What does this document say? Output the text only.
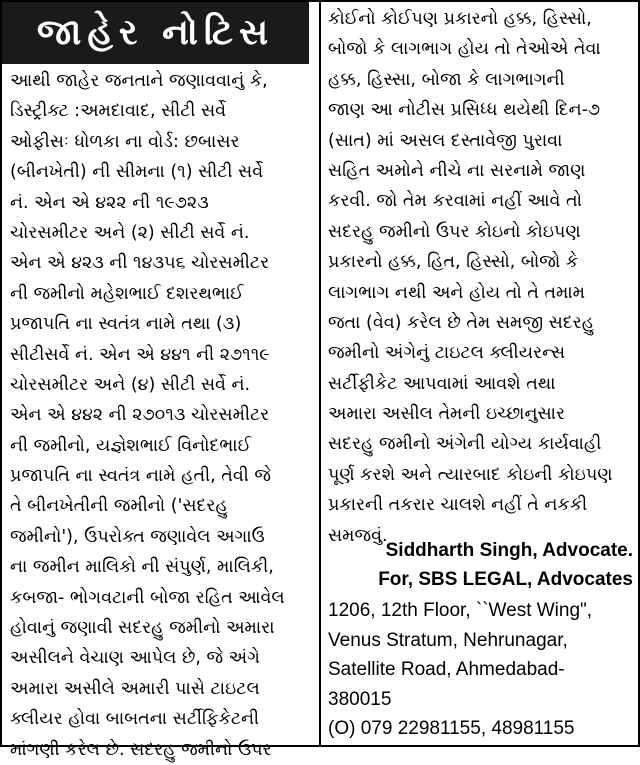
જાહેર નોટિસ
આથી જાહેર જનતાને જણાવવાનું કે,
ડિસ્ટ્રીક્ટ :અમદાવાદ, સીટી સર્વે
ઓફીસઃ ધોળકા ના વોર્ડ: છબાસર
(બીનખેતી) ની સીમના (૧) સીટી સર્વે
નં. એન એ ૪૨૨ ની ૧૯૭૨૩
ચોરસમીટર અને (૨) સીટી સર્વે નં.
એન એ ૪૨૩ ની ૧૪૩૫૬ ચોરસમીટર
ની જમીનો મહેશભાઈ દશરથભાઈ
પ્રજાપતિ ના સ્વતંત્ર નામે તથા (૩)
સીટીસર્વે નં. એન એ ૪૪૧ ની ૨૭૧૧૯
ચોરસમીટર અને (૪) સીટી સર્વે નં.
એન એ ૪૪૨ ની ૨૭૦૧૩ ચોરસમીટર
ની જમીનો, યજ્ઞેશભાઈ વિનોદભાઈ
પ્રજાપતિ ના સ્વતંત્ર નામે હતી, તેવી જે
તે બીનખેતીની જમીનો ('સદરહુ
જમીનો'), ઉપરોક્ત જણાવેલ અગાઉ
ના જમીન માલિકો ની સંપુર્ણ, માલિકી,
કબજા- ભોગવટાની બોજા રહિત આવેલ
હોવાનું જણાવી સદરહુ જમીનો અમારા
અસીલને વેચાણ આપેલ છે, જે અંગે
અમારા અસીલે અમારી પાસે ટાઇટલ
ક્લીયર હોવા બાબતના સર્ટીફિકેટની
માંગણી કરેલ છે. સદરહુ જમીનો ઉપર
કોઈનો કોઈપણ પ્રકારનો હક્ક, હિસ્સો,
બોજો કે લાગભાગ હોય તો તેઓએ તેવા
હક્ક, હિસ્સા, બોજા કે લાગભાગની
જાણ આ નોટીસ પ્રસિધ્ધ થયેથી દિન-૭
(સાત) માં અસલ દસ્તાવેજી પુરાવા
સહિત અમોને નીચે ના સરનામે જાણ
કરવી. જો તેમ કરવામાં નહીં આવે તો
સદરહુ જમીનો ઉપર કોઇનો કોઇપણ
પ્રકારનો હક્ક, હિત, હિસ્સો, બોજો કે
લાગભાગ નથી અને હોય તો તે તમામ
જતા (વેવ) કરેલ છે તેમ સમજી સદરહુ
જમીનો અંગેનું ટાઇટલ ક્લીયરન્સ
સર્ટીફીકેટ આપવામાં આવશે તથા
અમારા અસીલ તેમની ઇચ્છાનુસાર
સદરહુ જમીનો અંગેની યોગ્ય કાર્યવાહી
પૂર્ણ કરશે અને ત્યારબાદ કોઇની કોઇપણ
પ્રકારની તકરાર ચાલશે નહીં તે નકકી
સમજવું.
Siddharth Singh, Advocate.
For, SBS LEGAL, Advocates
1206, 12th Floor, ``West Wing",
Venus Stratum, Nehrunagar,
Satellite Road, Ahmedabad-
380015
(O) 079 22981155, 48981155
